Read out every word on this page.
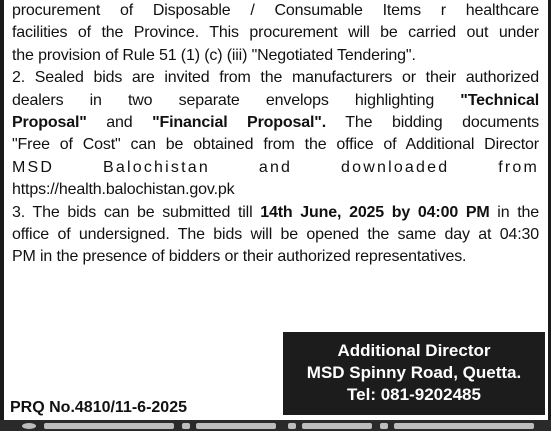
procurement of Disposable / Consumable Items r healthcare
facilities of the Province. This procurement will be carried out under
the provision of Rule 51 (1) (c) (iii) "Negotiated Tendering".
2. Sealed bids are invited from the manufacturers or their authorized
dealers in two separate envelops highlighting "Technical
Proposal" and "Financial Proposal". The bidding documents
"Free of Cost" can be obtained from the office of Additional Director
MSD Balochistan and downloaded from
https://health.balochistan.gov.pk
3. The bids can be submitted till 14th June, 2025 by 04:00 PM in the
office of undersigned. The bids will be opened the same day at 04:30
PM in the presence of bidders or their authorized representatives.
Additional Director
MSD Spinny Road, Quetta.
Tel: 081-9202485
PRQ No.4810/11-6-2025
